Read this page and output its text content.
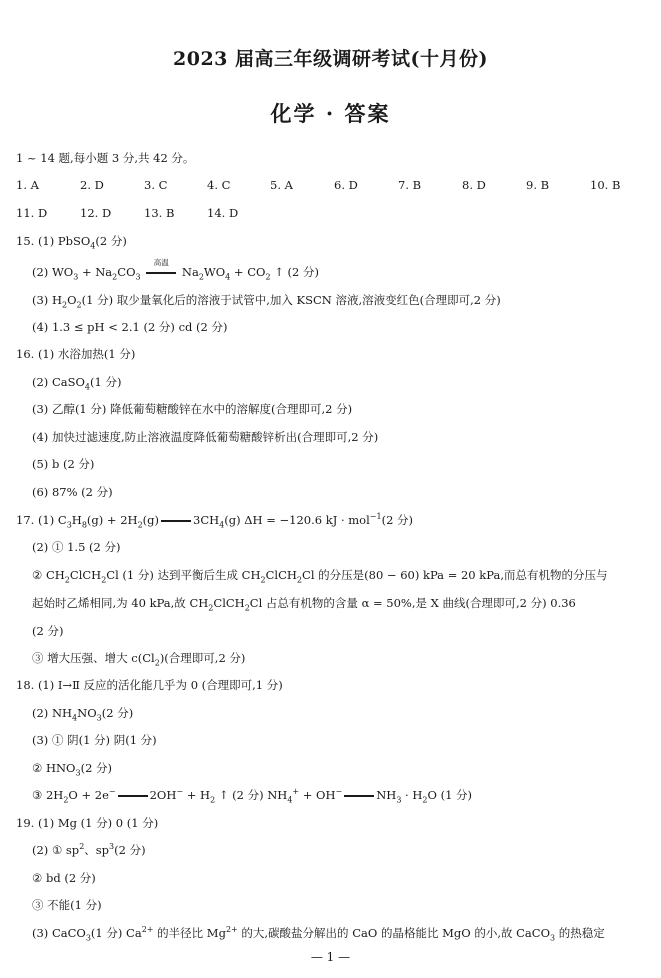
2023 届高三年级调研考试(十月份)
化学 · 答案
1 ~ 14 题,每小题 3 分,共 42 分。
1. A	2. D	3. C	4. C	5. A	6. D	7. B	8. D	9. B	10. B
11. D	12. D	13. B	14. D
15. (1) PbSO$_4$(2 分)
(2) $WO_3 + Na_2CO_3$
高温
$Na_2WO_4 + CO_2$ ↑ (2 分)
(3) $H_2O_2(1$ 分) 取少量氧化后的溶液于试管中,加入 KSCN 溶液,溶液变红色(合理即可,2 分)
(4) 1.3 ≤ pH < 2.1 (2 分) cd (2 分)
16. (1) 水浴加热(1 分)
(2) CaSO$_4$(1 分)
(3) 乙醇(1 分) 降低葡萄糖酸锌在水中的溶解度(合理即可,2 分)
(4) 加快过滤速度,防止溶液温度降低葡萄糖酸锌析出(合理即可,2 分)
(5) b (2 分)
(6) 87% (2 分)
17. (1) $C_3H_8(g) + 2H_2(g)$	$3CH_4(g) \Delta H = -120.6$ kJ · mol$^{-1}$(2 分)
(2) ① 1.5 (2 分)
② $CH_2ClCH_2Cl$ (1 分) 达到平衡后生成 $CH_2ClCH_2Cl$ 的分压是(80 − 60) kPa = 20 kPa,而总有机物的分压与
起始时乙烯相同,为 40 kPa,故 $CH_2ClCH_2Cl$ 占总有机物的含量 α = 50%,是 X 曲线(合理即可,2 分) 0.36
(2 分)
③ 增大压强、增大 $c(Cl_2)$(合理即可,2 分)
18. (1) Ⅰ→Ⅱ 反应的活化能几乎为 0 (合理即可,1 分)
(2) $NH_4NO_3(2$ 分)
(3) ① 阴(1 分) 阴(1 分)
② $HNO_3(2$ 分)
③ $2H_2O + 2e^-$	$2OH^- + H_2$ ↑ (2 分) $NH_4^+ + OH^-$	$NH_3 \cdot H_2O$ (1 分)
19. (1) Mg (1 分) 0 (1 分)
(2) ① $sp^2$、$sp^3(2$ 分)
② bd (2 分)
③ 不能(1 分)
(3) CaCO$_3$(1 分) $Ca^{2+}$ 的半径比 $Mg^{2+}$ 的大,碳酸盐分解出的 CaO 的晶格能比 MgO 的小,故 CaCO$_3$ 的热稳定
— 1 —
